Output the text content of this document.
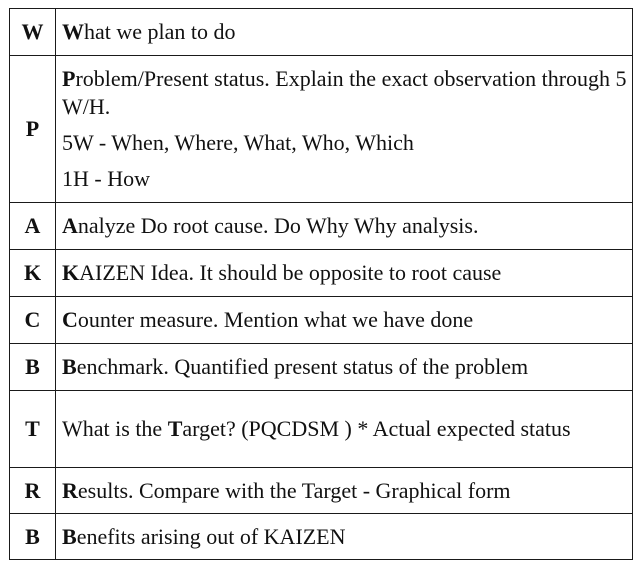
W	What we plan to do
P	Problem/Present status. Explain the exact observation through 5 W/H.
5W - When, Where, What, Who, Which
1H - How

A	Analyze Do root cause. Do Why Why analysis.
K	KAIZEN Idea. It should be opposite to root cause
C	Counter measure. Mention what we have done
B	Benchmark. Quantified present status of the problem
T	What is the Target? (PQCDSM ) * Actual expected status
R	Results. Compare with the Target - Graphical form
B	Benefits arising out of KAIZEN
